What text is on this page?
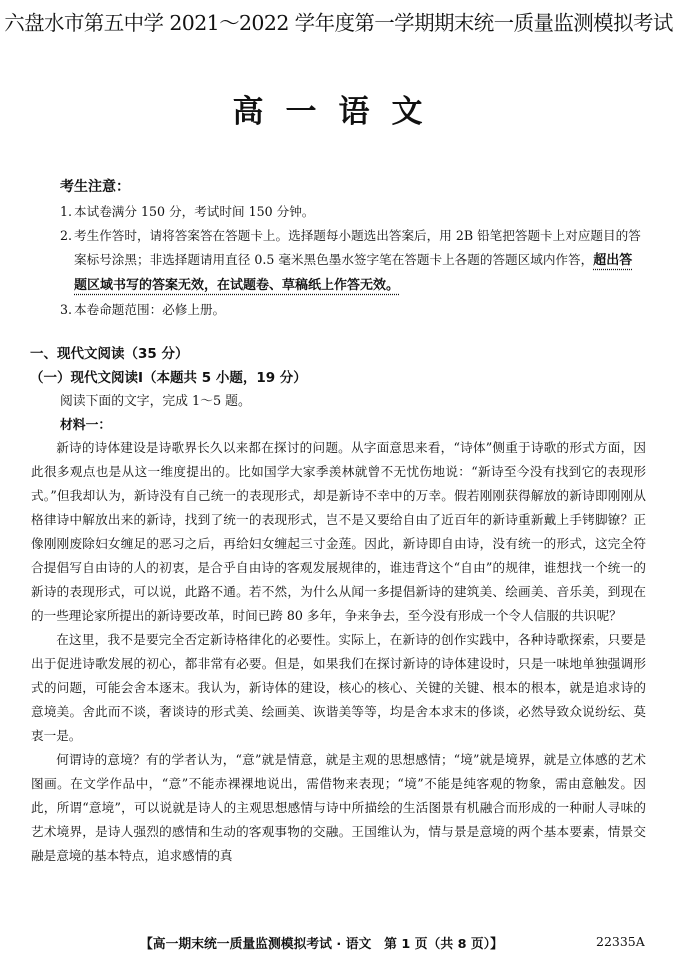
六盘水市第五中学 2021～2022 学年度第一学期期末统一质量监测模拟考试
高一语文
考生注意：
1. 本试卷满分 150 分，考试时间 150 分钟。
2. 考生作答时，请将答案答在答题卡上。选择题每小题选出答案后，用 2B 铅笔把答题卡上对应题目的答案标号涂黑；非选择题请用直径 0.5 毫米黑色墨水签字笔在答题卡上各题的答题区域内作答，超出答题区域书写的答案无效，在试题卷、草稿纸上作答无效。
3. 本卷命题范围：必修上册。
一、现代文阅读（35 分）
（一）现代文阅读Ⅰ（本题共 5 小题，19 分）
阅读下面的文字，完成 1～5 题。
材料一：

新诗的诗体建设是诗歌界长久以来都在探讨的问题。从字面意思来看，“诗体”侧重于诗歌的形式方面，因此很多观点也是从这一维度提出的。比如国学大家季羡林就曾不无忧伤地说：“新诗至今没有找到它的表现形式。”但我却认为，新诗没有自己统一的表现形式，却是新诗不幸中的万幸。假若刚刚获得解放的新诗即刚刚从格律诗中解放出来的新诗，找到了统一的表现形式，岂不是又要给自由了近百年的新诗重新戴上手铐脚镣？正像刚刚废除妇女缠足的恶习之后，再给妇女缠起三寸金莲。因此，新诗即自由诗，没有统一的形式，这完全符合提倡写自由诗的人的初衷，是合乎自由诗的客观发展规律的，谁违背这个“自由”的规律，谁想找一个统一的新诗的表现形式，可以说，此路不通。若不然，为什么从闻一多提倡新诗的建筑美、绘画美、音乐美，到现在的一些理论家所提出的新诗要改革，时间已跨 80 多年，争来争去，至今没有形成一个令人信服的共识呢？

在这里，我不是要完全否定新诗格律化的必要性。实际上，在新诗的创作实践中，各种诗歌探索，只要是出于促进诗歌发展的初心，都非常有必要。但是，如果我们在探讨新诗的诗体建设时，只是一味地单独强调形式的问题，可能会舍本逐末。我认为，新诗体的建设，核心的核心、关键的关键、根本的根本，就是追求诗的意境美。舍此而不谈，奢谈诗的形式美、绘画美、诙谐美等等，均是舍本求末的侈谈，必然导致众说纷纭、莫衷一是。

何谓诗的意境？有的学者认为，“意”就是情意，就是主观的思想感情；“境”就是境界，就是立体感的艺术图画。在文学作品中，“意”不能赤裸裸地说出，需借物来表现；“境”不能是纯客观的物象，需由意触发。因此，所谓“意境”，可以说就是诗人的主观思想感情与诗中所描绘的生活图景有机融合而形成的一种耐人寻味的艺术境界，是诗人强烈的感情和生动的客观事物的交融。王国维认为，情与景是意境的两个基本要素，情景交融是意境的基本特点，追求感情的真

【高一期末统一质量监测模拟考试 · 语文　第 1 页（共 8 页）】	22335A
